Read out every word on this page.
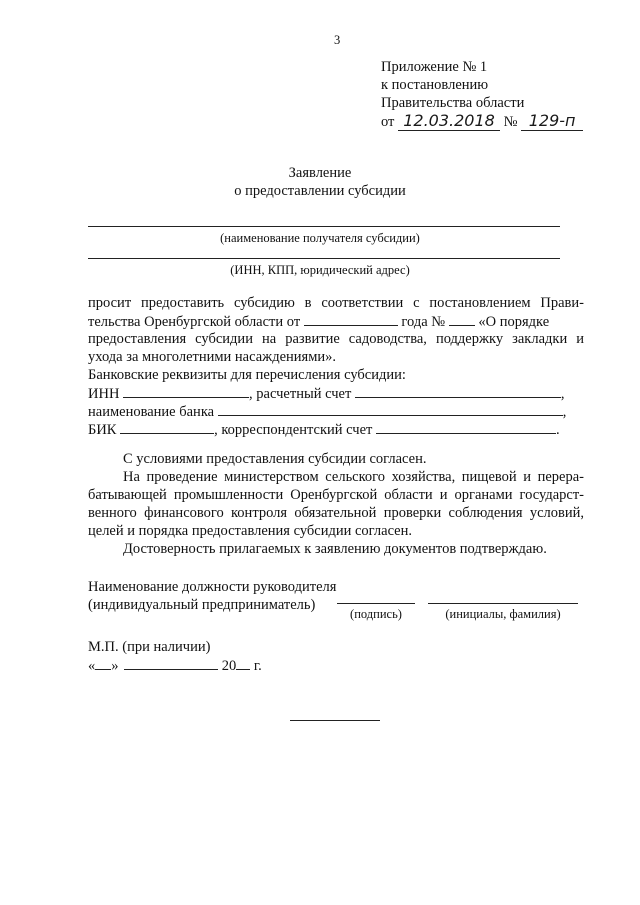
3
Приложение № 1
к постановлению
Правительства области
от 12.03.2018 № 129-п
Заявление
о предоставлении субсидии
(наименование получателя субсидии)
(ИНН, КПП, юридический адрес)
просит предоставить субсидию в соответствии с постановлением Прави-
тельства Оренбургской области от	года № «О порядке
предоставления субсидии на развитие садоводства, поддержку закладки и
ухода за многолетними насаждениями».
Банковские реквизиты для перечисления субсидии:
ИНН	, расчетный счет	,
наименование банка	,
БИК	, корреспондентский счет	.
С условиями предоставления субсидии согласен.
На проведение министерством сельского хозяйства, пищевой и перера-
батывающей промышленности Оренбургской области и органами государст-
венного финансового контроля обязательной проверки соблюдения условий,
целей и порядка предоставления субсидии согласен.
Достоверность прилагаемых к заявлению документов подтверждаю.
Наименование должности руководителя
(индивидуальный предприниматель)
(подпись)	(инициалы, фамилия)
М.П. (при наличии)
« »	20 г.
